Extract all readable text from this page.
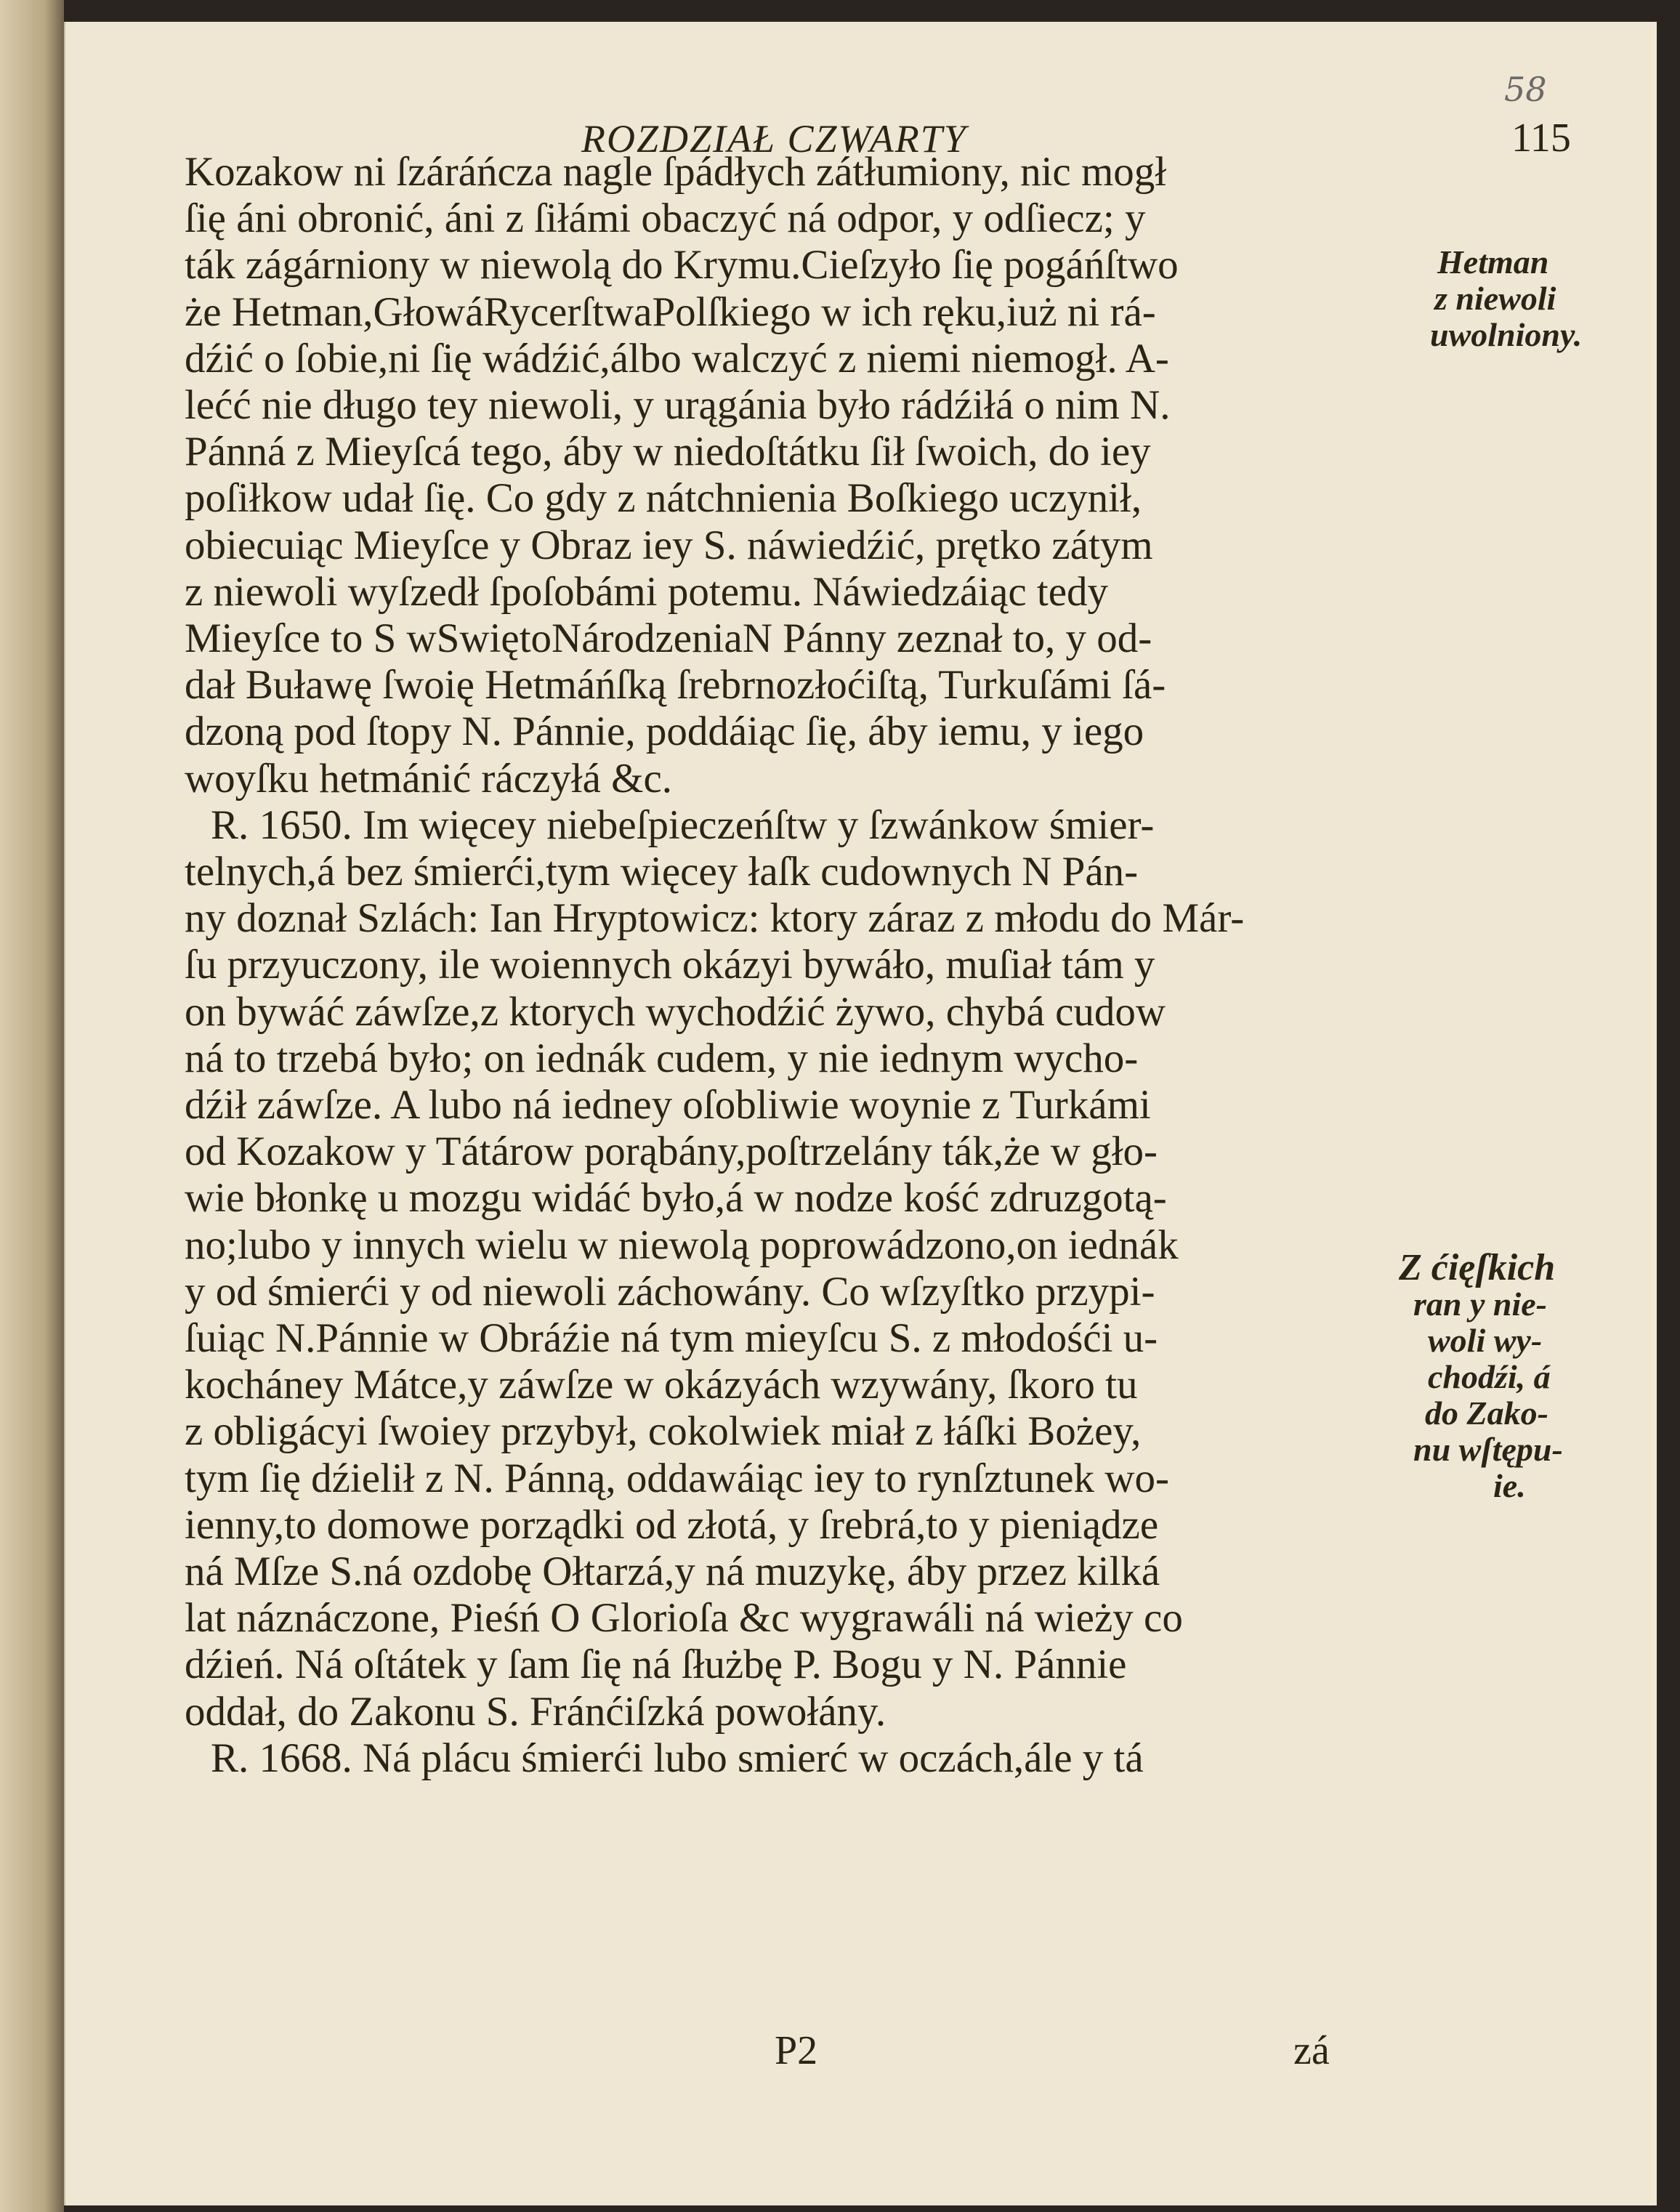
58
ROZDZIAŁ CZWARTY	115
Kozakow ni ſzáráńcza nagle ſpádłych zátłumiony, nic mogł
ſię áni obronić, áni z ſiłámi obaczyć ná odpor, y odſiecz; y
ták zágárniony w niewolą do Krymu.Cieſzyło ſię pogáńſtwo
że Hetman,GłowáRycerſtwaPolſkiego w ich ręku,iuż ni rá-
dźić o ſobie,ni ſię wádźić,álbo walczyć z niemi niemogł. A-
lećć nie długo tey niewoli, y urągánia było rádźiłá o nim N.
Pánná z Mieyſcá tego, áby w niedoſtátku ſił ſwoich, do iey
poſiłkow udał ſię. Co gdy z nátchnienia Boſkiego uczynił,
obiecuiąc Mieyſce y Obraz iey S. náwiedźić, prętko zátym
z niewoli wyſzedł ſpoſobámi potemu. Náwiedzáiąc tedy
Mieyſce to S wSwiętoNárodzeniaN Pánny zeznał to, y od-
dał Buławę ſwoię Hetmáńſką ſrebrnozłoćiſtą, Turkuſámi ſá-
dzoną pod ſtopy N. Pánnie, poddáiąc ſię, áby iemu, y iego
woyſku hetmánić ráczyłá &c.
R. 1650. Im więcey niebeſpieczeńſtw y ſzwánkow śmier-
telnych,á bez śmierći,tym więcey łaſk cudownych N Pán-
ny doznał Szlách: Ian Hryptowicz: ktory záraz z młodu do Már-
ſu przyuczony, ile woiennych okázyi bywáło, muſiał tám y
on bywáć záwſze,z ktorych wychodźić żywo, chybá cudow
ná to trzebá było; on iednák cudem, y nie iednym wycho-
dźił záwſze. A lubo ná iedney oſobliwie woynie z Turkámi
od Kozakow y Tátárow porąbány,poſtrzelány ták,że w gło-
wie błonkę u mozgu widáć było,á w nodze kość zdruzgotą-
no;lubo y innych wielu w niewolą poprowádzono,on iednák
y od śmierći y od niewoli záchowány. Co wſzyſtko przypi-
ſuiąc N.Pánnie w Obráźie ná tym mieyſcu S. z młodośći u-
kocháney Mátce,y záwſze w okázyách wzywány, ſkoro tu
z obligácyi ſwoiey przybył, cokolwiek miał z łáſki Bożey,
tym ſię dźielił z N. Pánną, oddawáiąc iey to rynſztunek wo-
ienny,to domowe porządki od złotá, y ſrebrá,to y pieniądze
ná Mſze S.ná ozdobę Ołtarzá,y ná muzykę, áby przez kilká
lat náznáczone, Pieśń O Glorioſa &c wygrawáli ná wieży co
dźień. Ná oſtátek y ſam ſię ná ſłużbę P. Bogu y N. Pánnie
oddał, do Zakonu S. Fránćiſzká powołány.
R. 1668. Ná plácu śmierći lubo smierć w oczách,ále y tá
Hetman
z niewoli
uwolniony.
Z ćięſkich
ran y nie-
woli wy-
chodźi, á
do Zako-
nu wſtępu-
ie.
P2	zá
